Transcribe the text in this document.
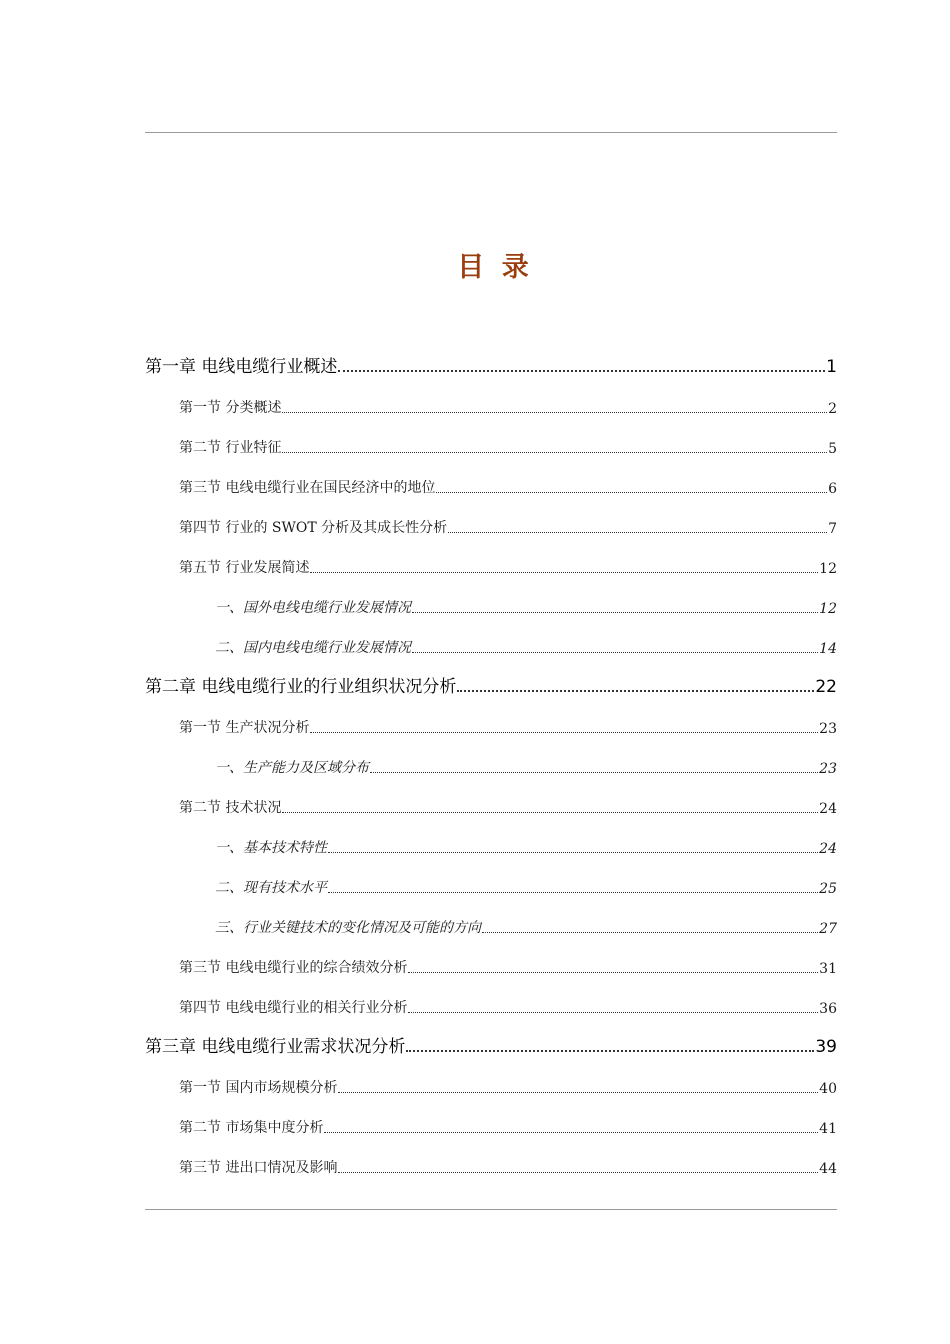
目 录
第一章 电线电缆行业概述	1
第一节 分类概述	2
第二节 行业特征	5
第三节 电线电缆行业在国民经济中的地位	6
第四节 行业的 SWOT 分析及其成长性分析	7
第五节 行业发展简述	12
一、国外电线电缆行业发展情况	12
二、国内电线电缆行业发展情况	14
第二章 电线电缆行业的行业组织状况分析	22
第一节 生产状况分析	23
一、生产能力及区域分布	23
第二节 技术状况	24
一、基本技术特性	24
二、现有技术水平	25
三、行业关键技术的变化情况及可能的方向	27
第三节 电线电缆行业的综合绩效分析	31
第四节 电线电缆行业的相关行业分析	36
第三章 电线电缆行业需求状况分析	39
第一节 国内市场规模分析	40
第二节 市场集中度分析	41
第三节 进出口情况及影响	44
